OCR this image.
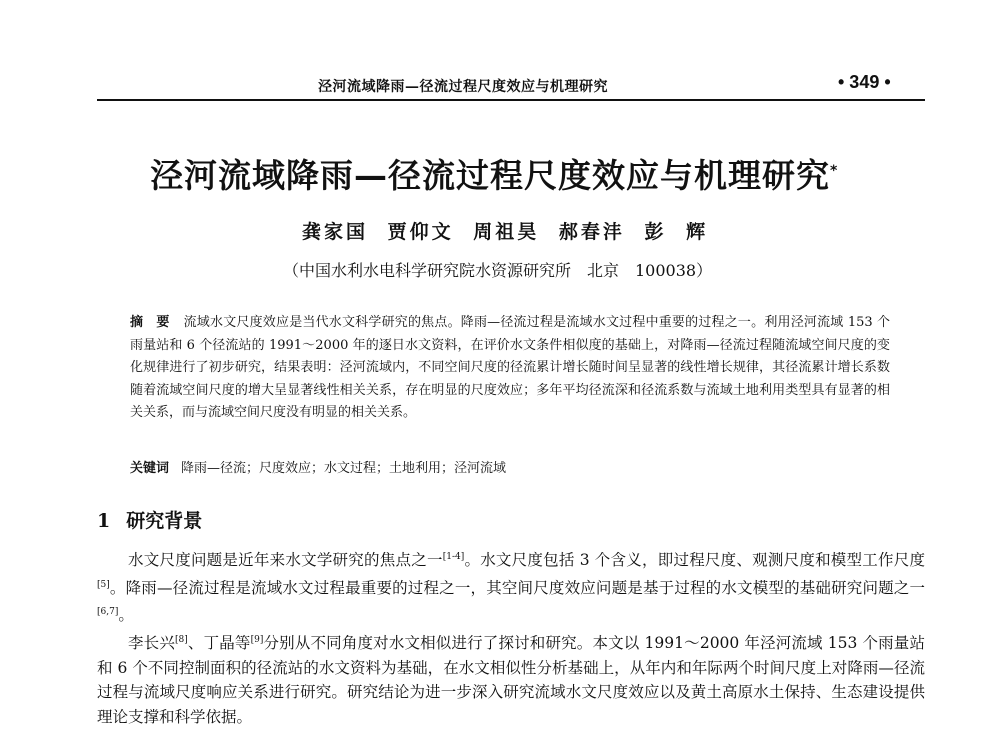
泾河流域降雨—径流过程尺度效应与机理研究	• 349 •
泾河流域降雨—径流过程尺度效应与机理研究*
龚家国 贾仰文 周祖昊 郝春沣 彭 辉
（中国水利水电科学研究院水资源研究所　北京　100038）
摘　要 流域水文尺度效应是当代水文科学研究的焦点。降雨—径流过程是流域水文过程中重要的过程之一。利用泾河流域 153 个雨量站和 6 个径流站的 1991～2000 年的逐日水文资料，在评价水文条件相似度的基础上，对降雨—径流过程随流域空间尺度的变化规律进行了初步研究，结果表明：泾河流域内，不同空间尺度的径流累计增长随时间呈显著的线性增长规律，其径流累计增长系数随着流域空间尺度的增大呈显著线性相关关系，存在明显的尺度效应；多年平均径流深和径流系数与流域土地利用类型具有显著的相关关系，而与流域空间尺度没有明显的相关关系。
关键词 降雨—径流；尺度效应；水文过程；土地利用；泾河流域
1 研究背景

水文尺度问题是近年来水文学研究的焦点之一[1-4]。水文尺度包括 3 个含义，即过程尺度、观测尺度和模型工作尺度[5]。降雨—径流过程是流域水文过程最重要的过程之一，其空间尺度效应问题是基于过程的水文模型的基础研究问题之一[6,7]。

李长兴[8]、丁晶等[9]分别从不同角度对水文相似进行了探讨和研究。本文以 1991～2000 年泾河流域 153 个雨量站和 6 个不同控制面积的径流站的水文资料为基础，在水文相似性分析基础上，从年内和年际两个时间尺度上对降雨—径流过程与流域尺度响应关系进行研究。研究结论为进一步深入研究流域水文尺度效应以及黄土高原水土保持、生态建设提供理论支撑和科学依据。
